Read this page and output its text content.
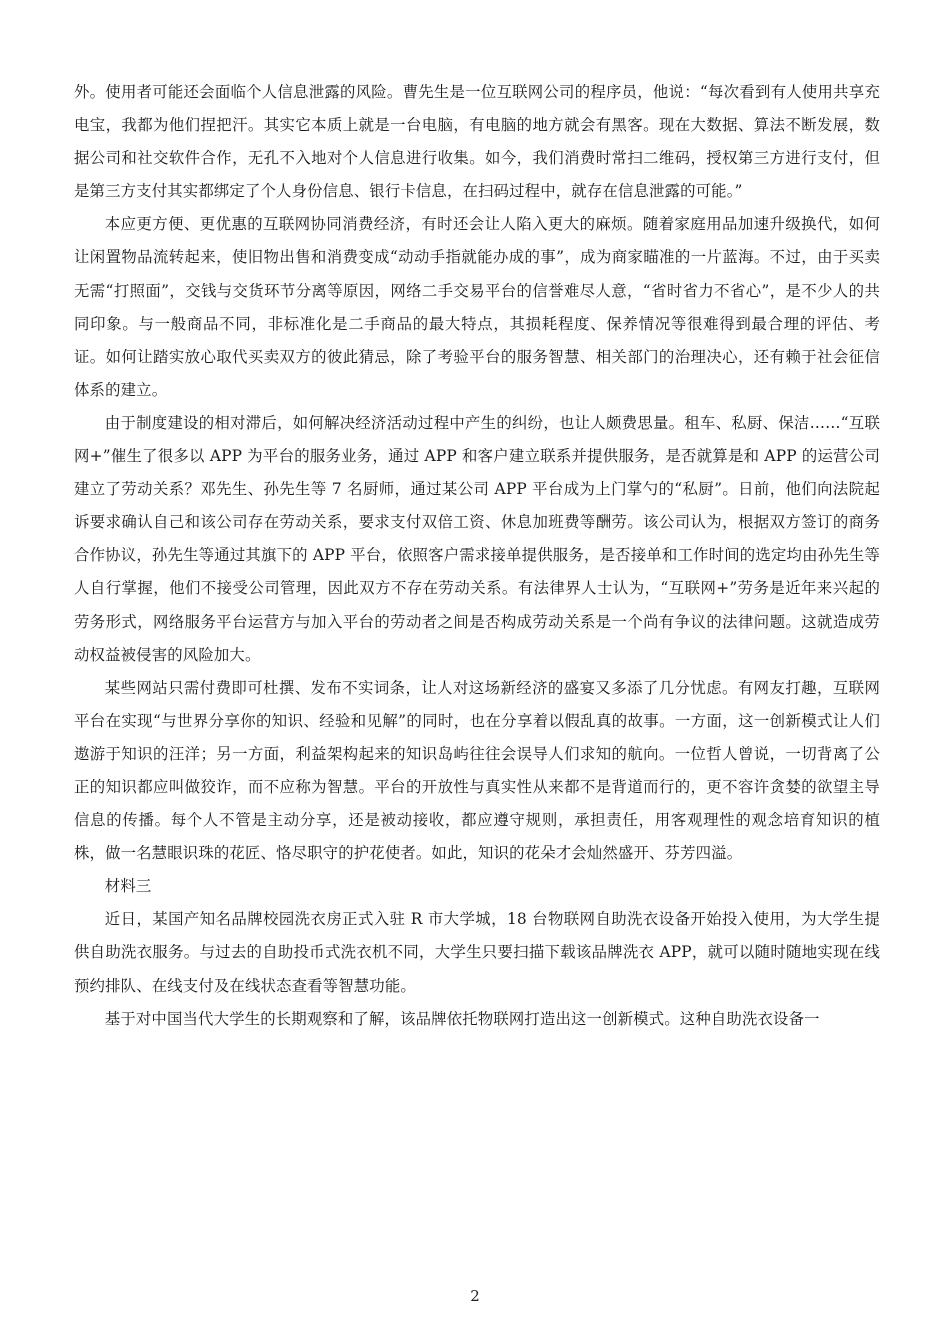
外。使用者可能还会面临个人信息泄露的风险。曹先生是一位互联网公司的程序员，他说：“每次看到有人使用共享充电宝，我都为他们捏把汗。其实它本质上就是一台电脑，有电脑的地方就会有黑客。现在大数据、算法不断发展，数据公司和社交软件合作，无孔不入地对个人信息进行收集。如今，我们消费时常扫二维码，授权第三方进行支付，但是第三方支付其实都绑定了个人身份信息、银行卡信息，在扫码过程中，就存在信息泄露的可能。”

本应更方便、更优惠的互联网协同消费经济，有时还会让人陷入更大的麻烦。随着家庭用品加速升级换代，如何让闲置物品流转起来，使旧物出售和消费变成“动动手指就能办成的事”，成为商家瞄准的一片蓝海。不过，由于买卖无需“打照面”，交钱与交货环节分离等原因，网络二手交易平台的信誉难尽人意，“省时省力不省心”，是不少人的共同印象。与一般商品不同，非标准化是二手商品的最大特点，其损耗程度、保养情况等很难得到最合理的评估、考证。如何让踏实放心取代买卖双方的彼此猜忌，除了考验平台的服务智慧、相关部门的治理决心，还有赖于社会征信体系的建立。

由于制度建设的相对滞后，如何解决经济活动过程中产生的纠纷，也让人颇费思量。租车、私厨、保洁……“互联网+”催生了很多以 APP 为平台的服务业务，通过 APP 和客户建立联系并提供服务，是否就算是和 APP 的运营公司建立了劳动关系？邓先生、孙先生等 7 名厨师，通过某公司 APP 平台成为上门掌勺的“私厨”。日前，他们向法院起诉要求确认自己和该公司存在劳动关系，要求支付双倍工资、休息加班费等酬劳。该公司认为，根据双方签订的商务合作协议，孙先生等通过其旗下的 APP 平台，依照客户需求接单提供服务，是否接单和工作时间的选定均由孙先生等人自行掌握，他们不接受公司管理，因此双方不存在劳动关系。有法律界人士认为，“互联网+”劳务是近年来兴起的劳务形式，网络服务平台运营方与加入平台的劳动者之间是否构成劳动关系是一个尚有争议的法律问题。这就造成劳动权益被侵害的风险加大。

某些网站只需付费即可杜撰、发布不实词条，让人对这场新经济的盛宴又多添了几分忧虑。有网友打趣，互联网平台在实现“与世界分享你的知识、经验和见解”的同时，也在分享着以假乱真的故事。一方面，这一创新模式让人们遨游于知识的汪洋；另一方面，利益架构起来的知识岛屿往往会误导人们求知的航向。一位哲人曾说，一切背离了公正的知识都应叫做狡诈，而不应称为智慧。平台的开放性与真实性从来都不是背道而行的，更不容许贪婪的欲望主导信息的传播。每个人不管是主动分享，还是被动接收，都应遵守规则，承担责任，用客观理性的观念培育知识的植株，做一名慧眼识珠的花匠、恪尽职守的护花使者。如此，知识的花朵才会灿然盛开、芬芳四溢。

材料三

近日，某国产知名品牌校园洗衣房正式入驻 R 市大学城，18 台物联网自助洗衣设备开始投入使用，为大学生提供自助洗衣服务。与过去的自助投币式洗衣机不同，大学生只要扫描下载该品牌洗衣 APP，就可以随时随地实现在线预约排队、在线支付及在线状态查看等智慧功能。

基于对中国当代大学生的长期观察和了解，该品牌依托物联网打造出这一创新模式。这种自助洗衣设备一

2
